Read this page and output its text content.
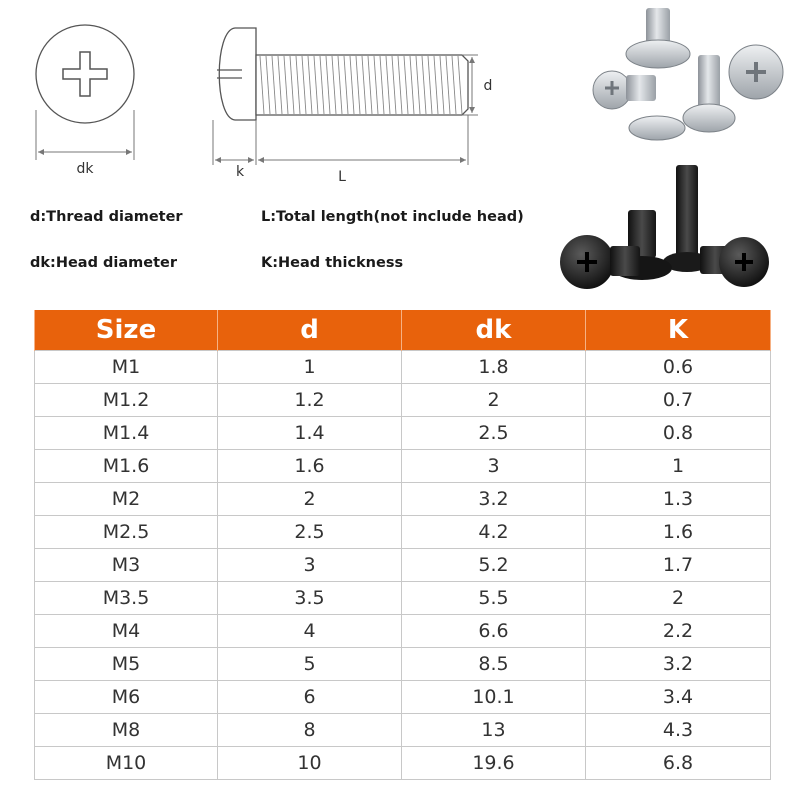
dk
d
k	L
d:Thread diameter	L:Total length(not include head)
dk:Head diameter	K:Head thickness
Size	d	dk	K
M1	1	1.8	0.6
M1.2	1.2	2	0.7
M1.4	1.4	2.5	0.8
M1.6	1.6	3	1
M2	2	3.2	1.3
M2.5	2.5	4.2	1.6
M3	3	5.2	1.7
M3.5	3.5	5.5	2
M4	4	6.6	2.2
M5	5	8.5	3.2
M6	6	10.1	3.4
M8	8	13	4.3
M10	10	19.6	6.8
